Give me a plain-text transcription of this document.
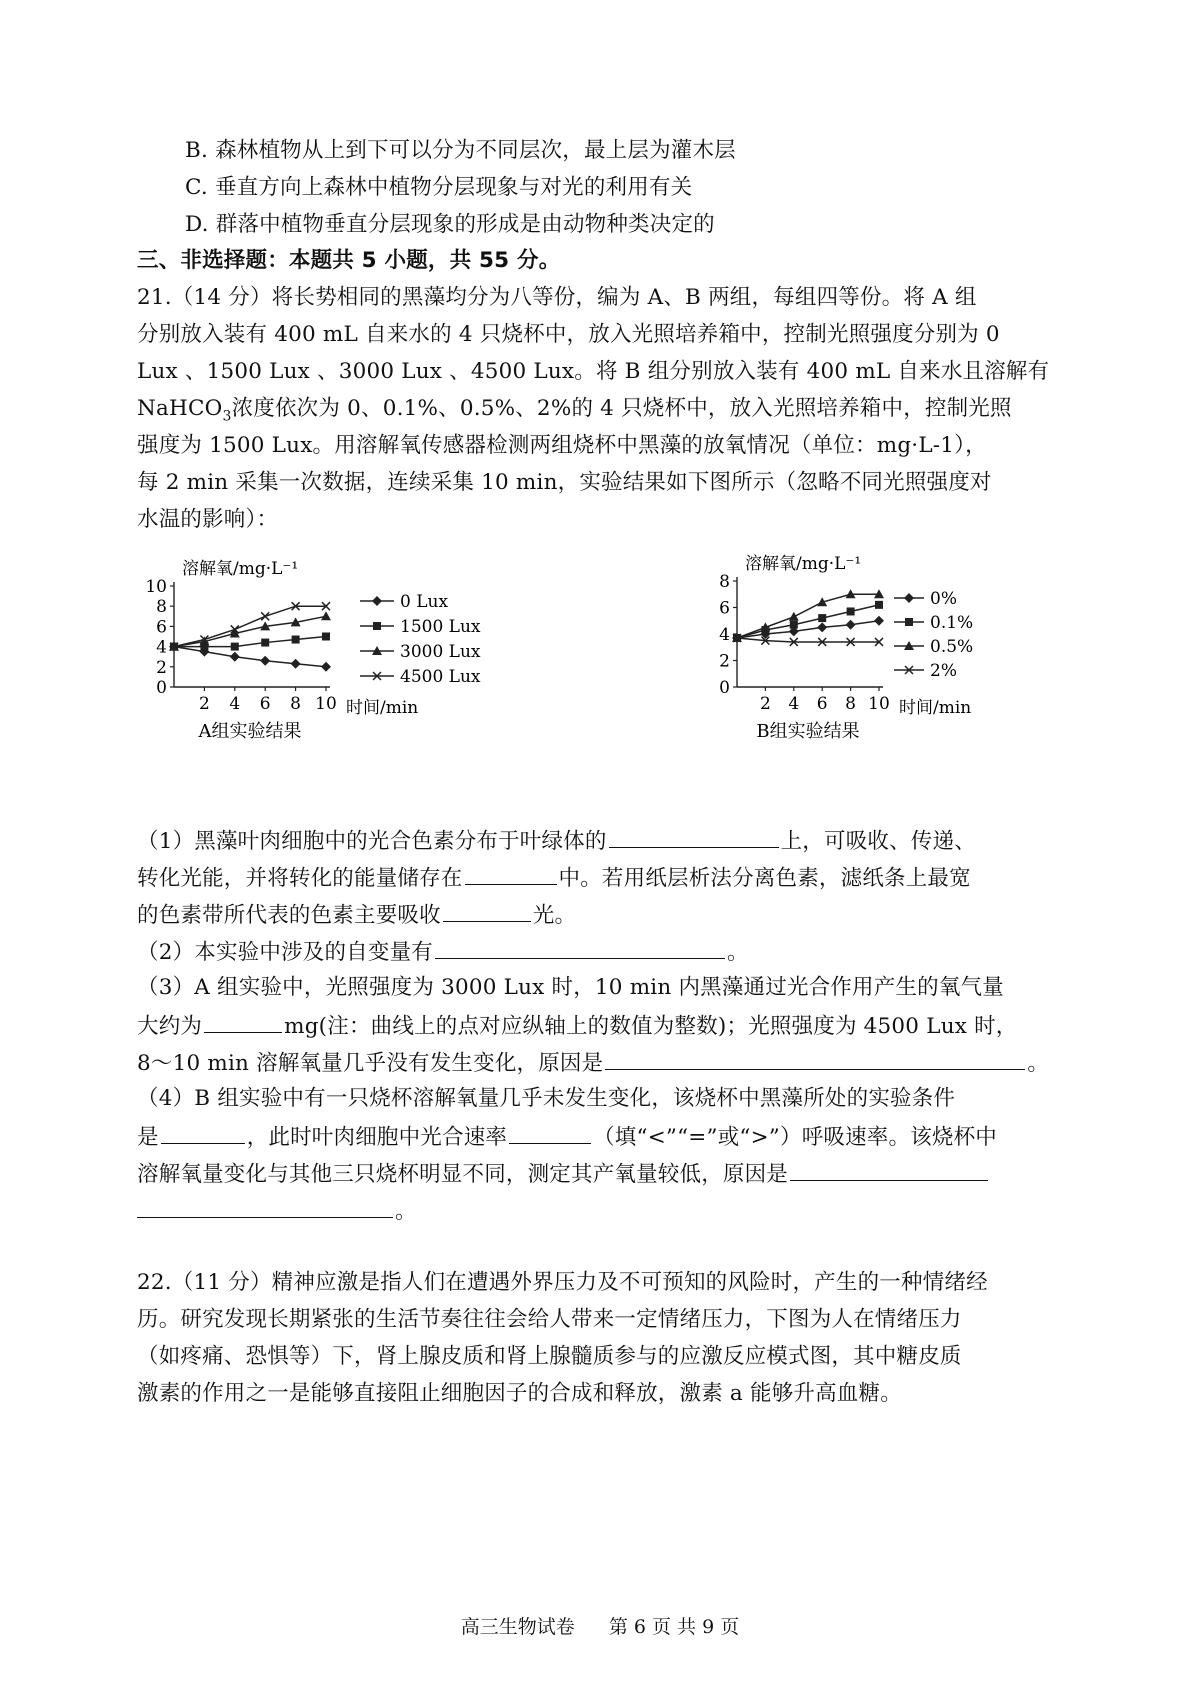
B. 森林植物从上到下可以分为不同层次，最上层为灌木层
C. 垂直方向上森林中植物分层现象与对光的利用有关
D. 群落中植物垂直分层现象的形成是由动物种类决定的
三、非选择题：本题共 5 小题，共 55 分。
21.（14 分）将长势相同的黑藻均分为八等份，编为 A、B 两组，每组四等份。将 A 组
分别放入装有 400 mL 自来水的 4 只烧杯中，放入光照培养箱中，控制光照强度分别为 0
Lux 、1500 Lux 、3000 Lux 、4500 Lux。将 B 组分别放入装有 400 mL 自来水且溶解有
NaHCO$_3$浓度依次为 0、0.1%、0.5%、2%的 4 只烧杯中，放入光照培养箱中，控制光照
强度为 1500 Lux。用溶解氧传感器检测两组烧杯中黑藻的放氧情况（单位：mg·L-1），
每 2 min 采集一次数据，连续采集 10 min，实验结果如下图所示（忽略不同光照强度对
水温的影响）：
0
2
4
6
8
10
2 4 6 8 10
溶解氧/mg·L⁻¹
时间/min
A组实验结果
0 Lux
1500 Lux
3000 Lux
4500 Lux
0
2
4
6
8
2 4 6 8 10
溶解氧/mg·L⁻¹
时间/min
B组实验结果
0%
0.1%
0.5%
2%
（1）黑藻叶肉细胞中的光合色素分布于叶绿体的	上，可吸收、传递、
转化光能，并将转化的能量储存在	中。若用纸层析法分离色素，滤纸条上最宽
的色素带所代表的色素主要吸收	光。
（2）本实验中涉及的自变量有	。
（3）A 组实验中，光照强度为 3000 Lux 时，10 min 内黑藻通过光合作用产生的氧气量
大约为	mg(注：曲线上的点对应纵轴上的数值为整数)；光照强度为 4500 Lux 时，
8～10 min 溶解氧量几乎没有发生变化，原因是	。
（4）B 组实验中有一只烧杯溶解氧量几乎未发生变化，该烧杯中黑藻所处的实验条件
是	，此时叶肉细胞中光合速率	（填“<”“=”或“>”）呼吸速率。该烧杯中
溶解氧量变化与其他三只烧杯明显不同，测定其产氧量较低，原因是
。
22.（11 分）精神应激是指人们在遭遇外界压力及不可预知的风险时，产生的一种情绪经
历。研究发现长期紧张的生活节奏往往会给人带来一定情绪压力，下图为人在情绪压力
（如疼痛、恐惧等）下，肾上腺皮质和肾上腺髓质参与的应激反应模式图，其中糖皮质
激素的作用之一是能够直接阻止细胞因子的合成和释放，激素 a 能够升高血糖。
高三生物试卷 第 6 页 共 9 页
